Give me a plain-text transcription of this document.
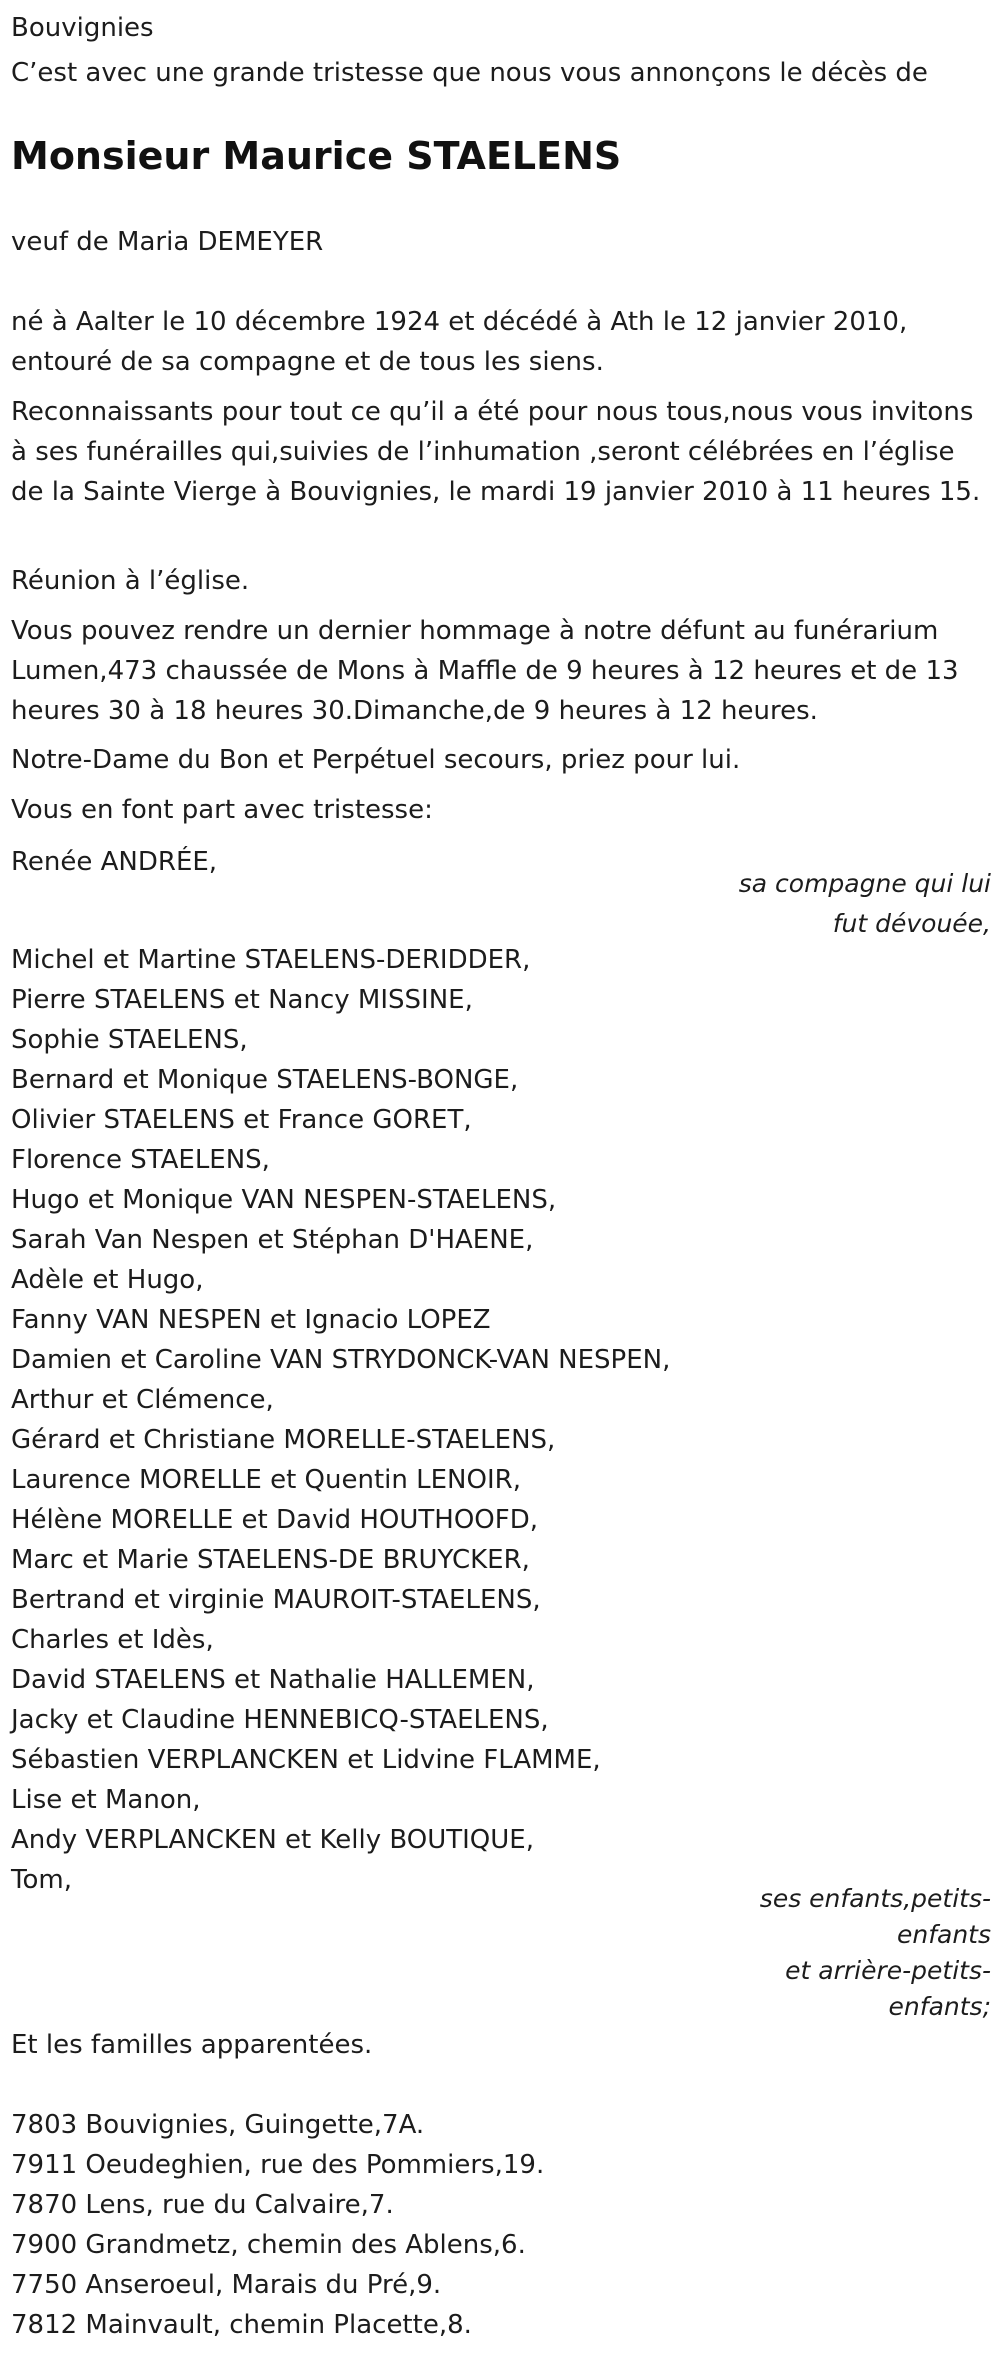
Bouvignies
C’est avec une grande tristesse que nous vous annonçons le décès de
Monsieur Maurice STAELENS
veuf de Maria DEMEYER
né à Aalter le 10 décembre 1924 et décédé à Ath le 12 janvier 2010, entouré de sa compagne et de tous les siens.
Reconnaissants pour tout ce qu’il a été pour nous tous,nous vous invitons à ses funérailles qui,suivies de l’inhumation ,seront célébrées en l’église de la Sainte Vierge à Bouvignies, le mardi 19 janvier 2010 à 11 heures 15.
Réunion à l’église.
Vous pouvez rendre un dernier hommage à notre défunt au funérarium Lumen,473 chaussée de Mons à Maffle de 9 heures à 12 heures et de 13 heures 30 à 18 heures 30.Dimanche,de 9 heures à 12 heures.
Notre-Dame du Bon et Perpétuel secours, priez pour lui.
Vous en font part avec tristesse:
Renée ANDRÉE,
sa compagne qui lui
fut dévouée,
Michel et Martine STAELENS-DERIDDER,
Pierre STAELENS et Nancy MISSINE,
Sophie STAELENS,
Bernard et Monique STAELENS-BONGE,
Olivier STAELENS et France GORET,
Florence STAELENS,
Hugo et Monique VAN NESPEN-STAELENS,
Sarah Van Nespen et Stéphan D'HAENE,
Adèle et Hugo,
Fanny VAN NESPEN et Ignacio LOPEZ
Damien et Caroline VAN STRYDONCK-VAN NESPEN,
Arthur et Clémence,
Gérard et Christiane MORELLE-STAELENS,
Laurence MORELLE et Quentin LENOIR,
Hélène MORELLE et David HOUTHOOFD,
Marc et Marie STAELENS-DE BRUYCKER,
Bertrand et virginie MAUROIT-STAELENS,
Charles et Idès,
David STAELENS et Nathalie HALLEMEN,
Jacky et Claudine HENNEBICQ-STAELENS,
Sébastien VERPLANCKEN et Lidvine FLAMME,
Lise et Manon,
Andy VERPLANCKEN et Kelly BOUTIQUE,
Tom,
ses enfants,petits-
enfants
et arrière-petits-
enfants;
Et les familles apparentées.
7803 Bouvignies, Guingette,7A.
7911 Oeudeghien, rue des Pommiers,19.
7870 Lens, rue du Calvaire,7.
7900 Grandmetz, chemin des Ablens,6.
7750 Anseroeul, Marais du Pré,9.
7812 Mainvault, chemin Placette,8.
